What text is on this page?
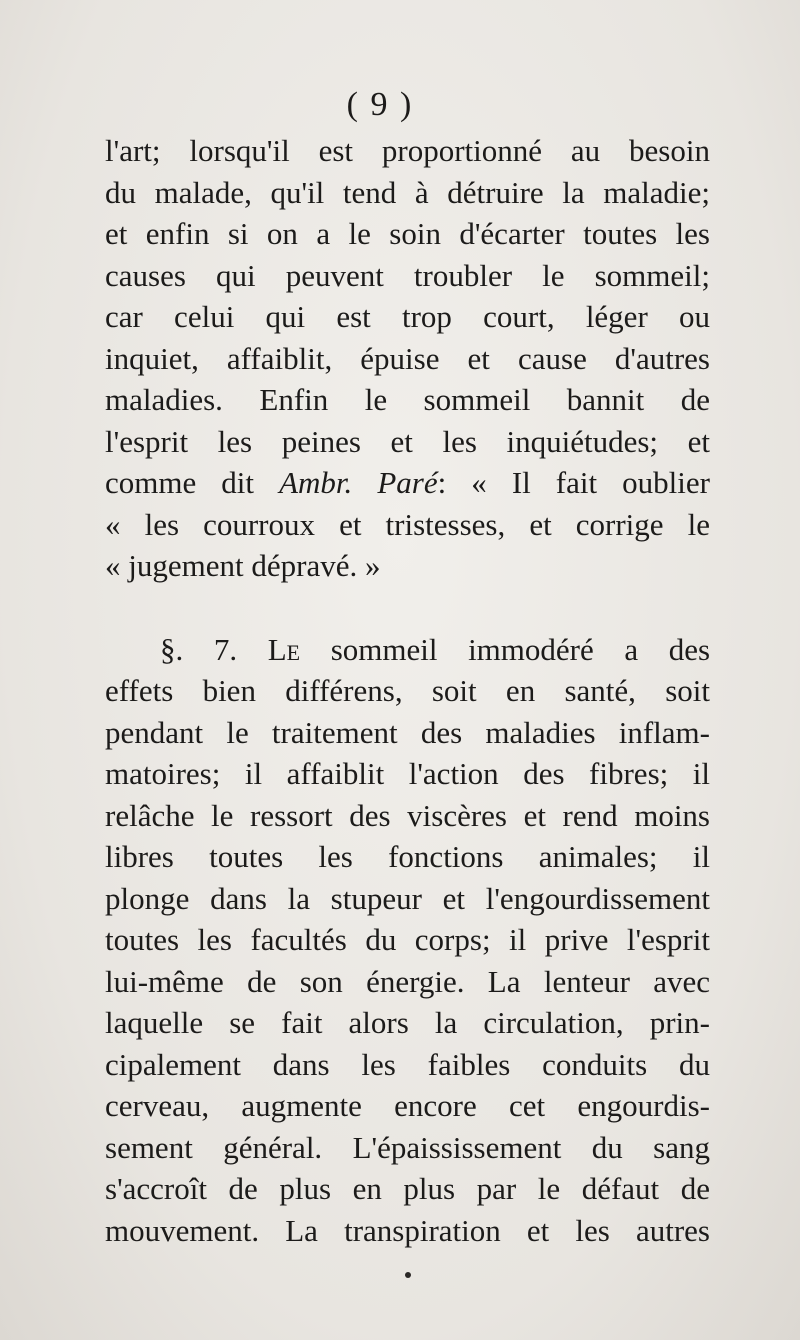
( 9 )
l'art; lorsqu'il est proportionné au besoin
du malade, qu'il tend à détruire la maladie;
et enfin si on a le soin d'écarter toutes les
causes qui peuvent troubler le sommeil;
car celui qui est trop court, léger ou
inquiet, affaiblit, épuise et cause d'autres
maladies. Enfin le sommeil bannit de
l'esprit les peines et les inquiétudes; et
comme dit Ambr. Paré: « Il fait oublier
« les courroux et tristesses, et corrige le
« jugement dépravé. »
§. 7. Le sommeil immodéré a des
effets bien différens, soit en santé, soit
pendant le traitement des maladies inflam-
matoires; il affaiblit l'action des fibres; il
relâche le ressort des viscères et rend moins
libres toutes les fonctions animales; il
plonge dans la stupeur et l'engourdissement
toutes les facultés du corps; il prive l'esprit
lui-même de son énergie. La lenteur avec
laquelle se fait alors la circulation, prin-
cipalement dans les faibles conduits du
cerveau, augmente encore cet engourdis-
sement général. L'épaississement du sang
s'accroît de plus en plus par le défaut de
mouvement. La transpiration et les autres
